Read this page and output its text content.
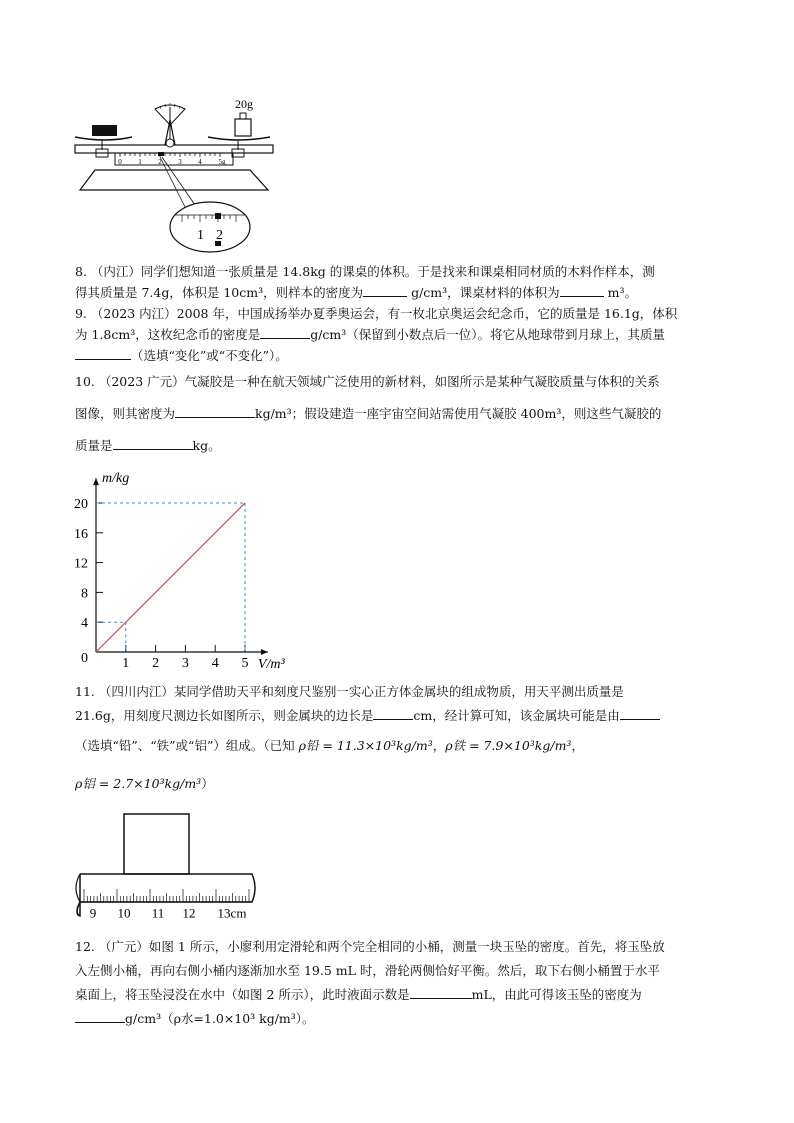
0 1 2 3 4 5g
20g
1 2
8. （内江）同学们想知道一张质量是 14.8kg 的课桌的体积。于是找来和课桌相同材质的木料作样本，测
得其质量是 7.4g，体积是 10cm³，则样本的密度为	g/cm³，课桌材料的体积为	m³。
9. （2023 内江）2008 年，中国成扬举办夏季奥运会，有一枚北京奥运会纪念币，它的质量是 16.1g，体积
为 1.8cm³，这枚纪念币的密度是	g/cm³（保留到小数点后一位）。将它从地球带到月球上，其质量
（选填“变化”或“不变化”）。
10. （2023 广元）气凝胶是一种在航天领域广泛使用的新材料，如图所示是某种气凝胶质量与体积的关系
图像，则其密度为	kg/m³；假设建造一座宇宙空间站需使用气凝胶 400m³，则这些气凝胶的
质量是	kg。
1 2 3 4 5
4
8
12
16
20
0
m/kg
V/m³
11. （四川内江）某同学借助天平和刻度尺鉴别一实心正方体金属块的组成物质，用天平测出质量是
21.6g，用刻度尺测边长如图所示，则金属块的边长是	cm，经计算可知，该金属块可能是由
（选填“铅”、“铁”或“铝”）组成。（已知 ρ铅 = 11.3×10³kg/m³，ρ铁 = 7.9×10³kg/m³，
ρ铝 = 2.7×10³kg/m³）
9 10 11 12 13cm
12. （广元）如图 1 所示，小廖利用定滑轮和两个完全相同的小桶，测量一块玉坠的密度。首先，将玉坠放
入左侧小桶，再向右侧小桶内逐渐加水至 19.5 mL 时，滑轮两侧恰好平衡。然后，取下右侧小桶置于水平
桌面上，将玉坠浸没在水中（如图 2 所示），此时液面示数是	mL，由此可得该玉坠的密度为
g/cm³（ρ水=1.0×10³ kg/m³）。
